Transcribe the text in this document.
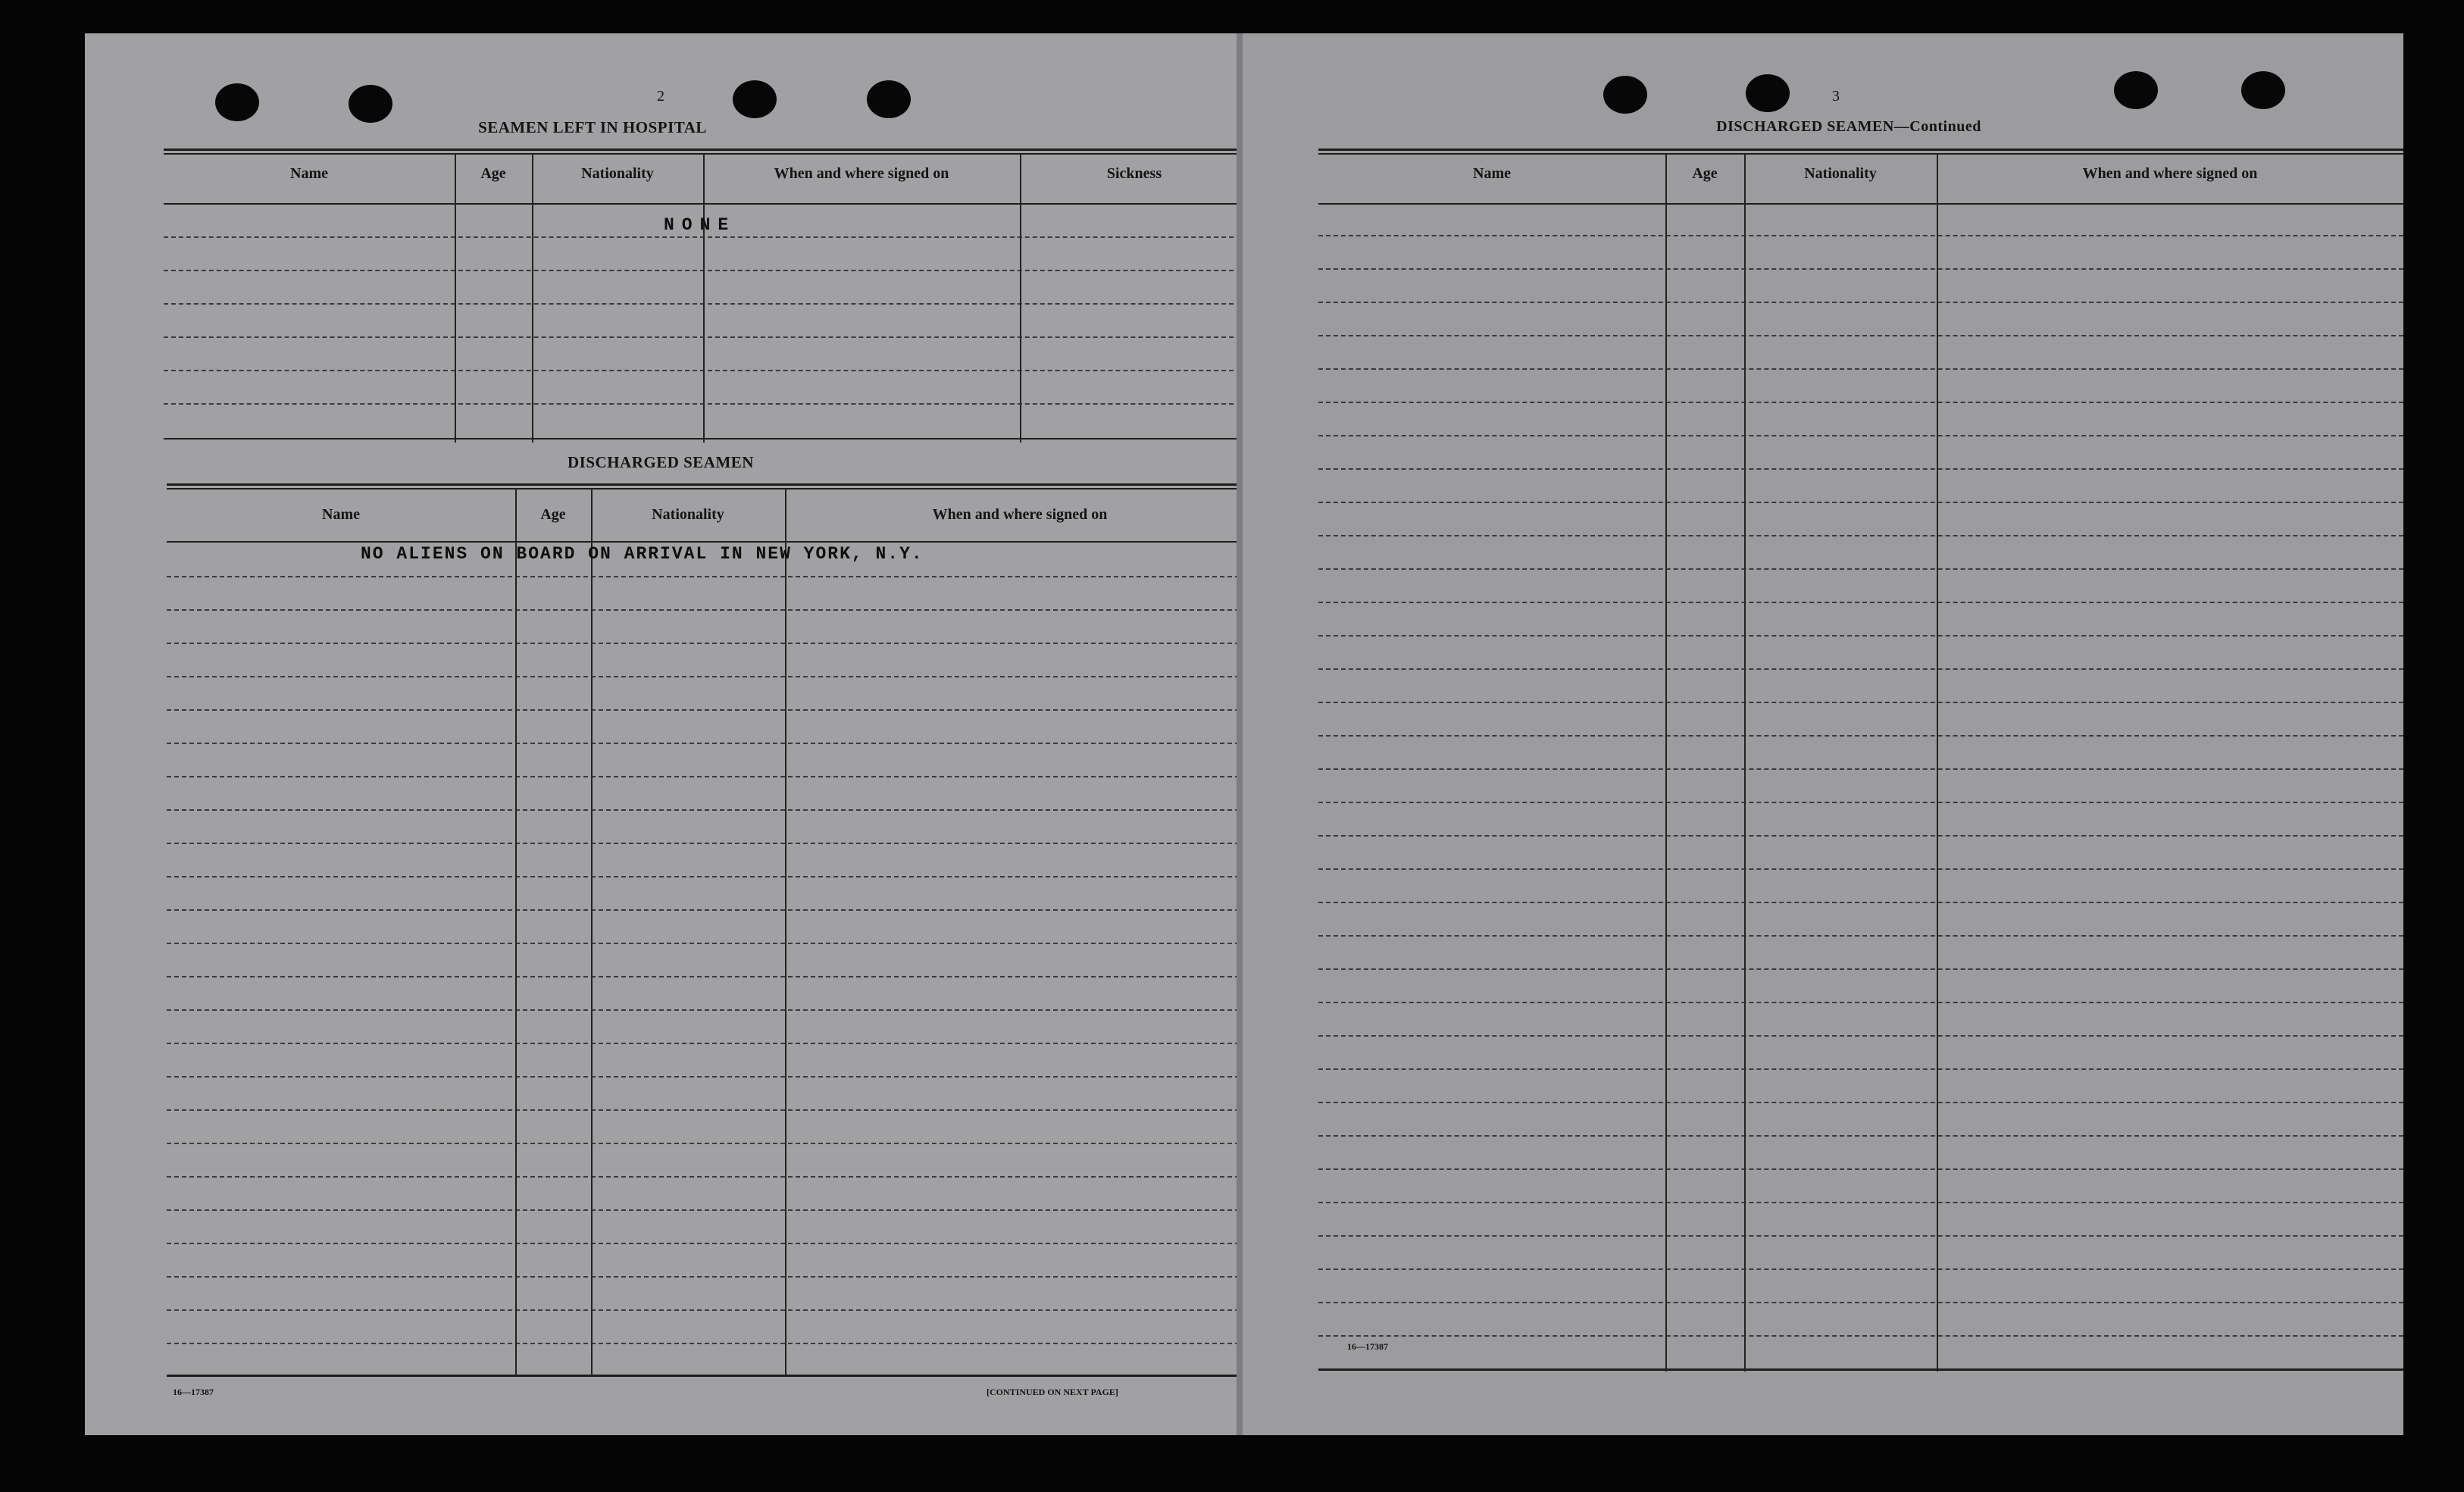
2
SEAMEN LEFT IN HOSPITAL
Name	Age	Nationality	When and where signed on	Sickness
NONE
DISCHARGED SEAMEN
Name	Age	Nationality	When and where signed on
NO ALIENS ON BOARD ON ARRIVAL IN NEW YORK, N.Y.
16—17387	[CONTINUED ON NEXT PAGE]
3
DISCHARGED SEAMEN—Continued
Name	Age	Nationality	When and where signed on
16—17387
